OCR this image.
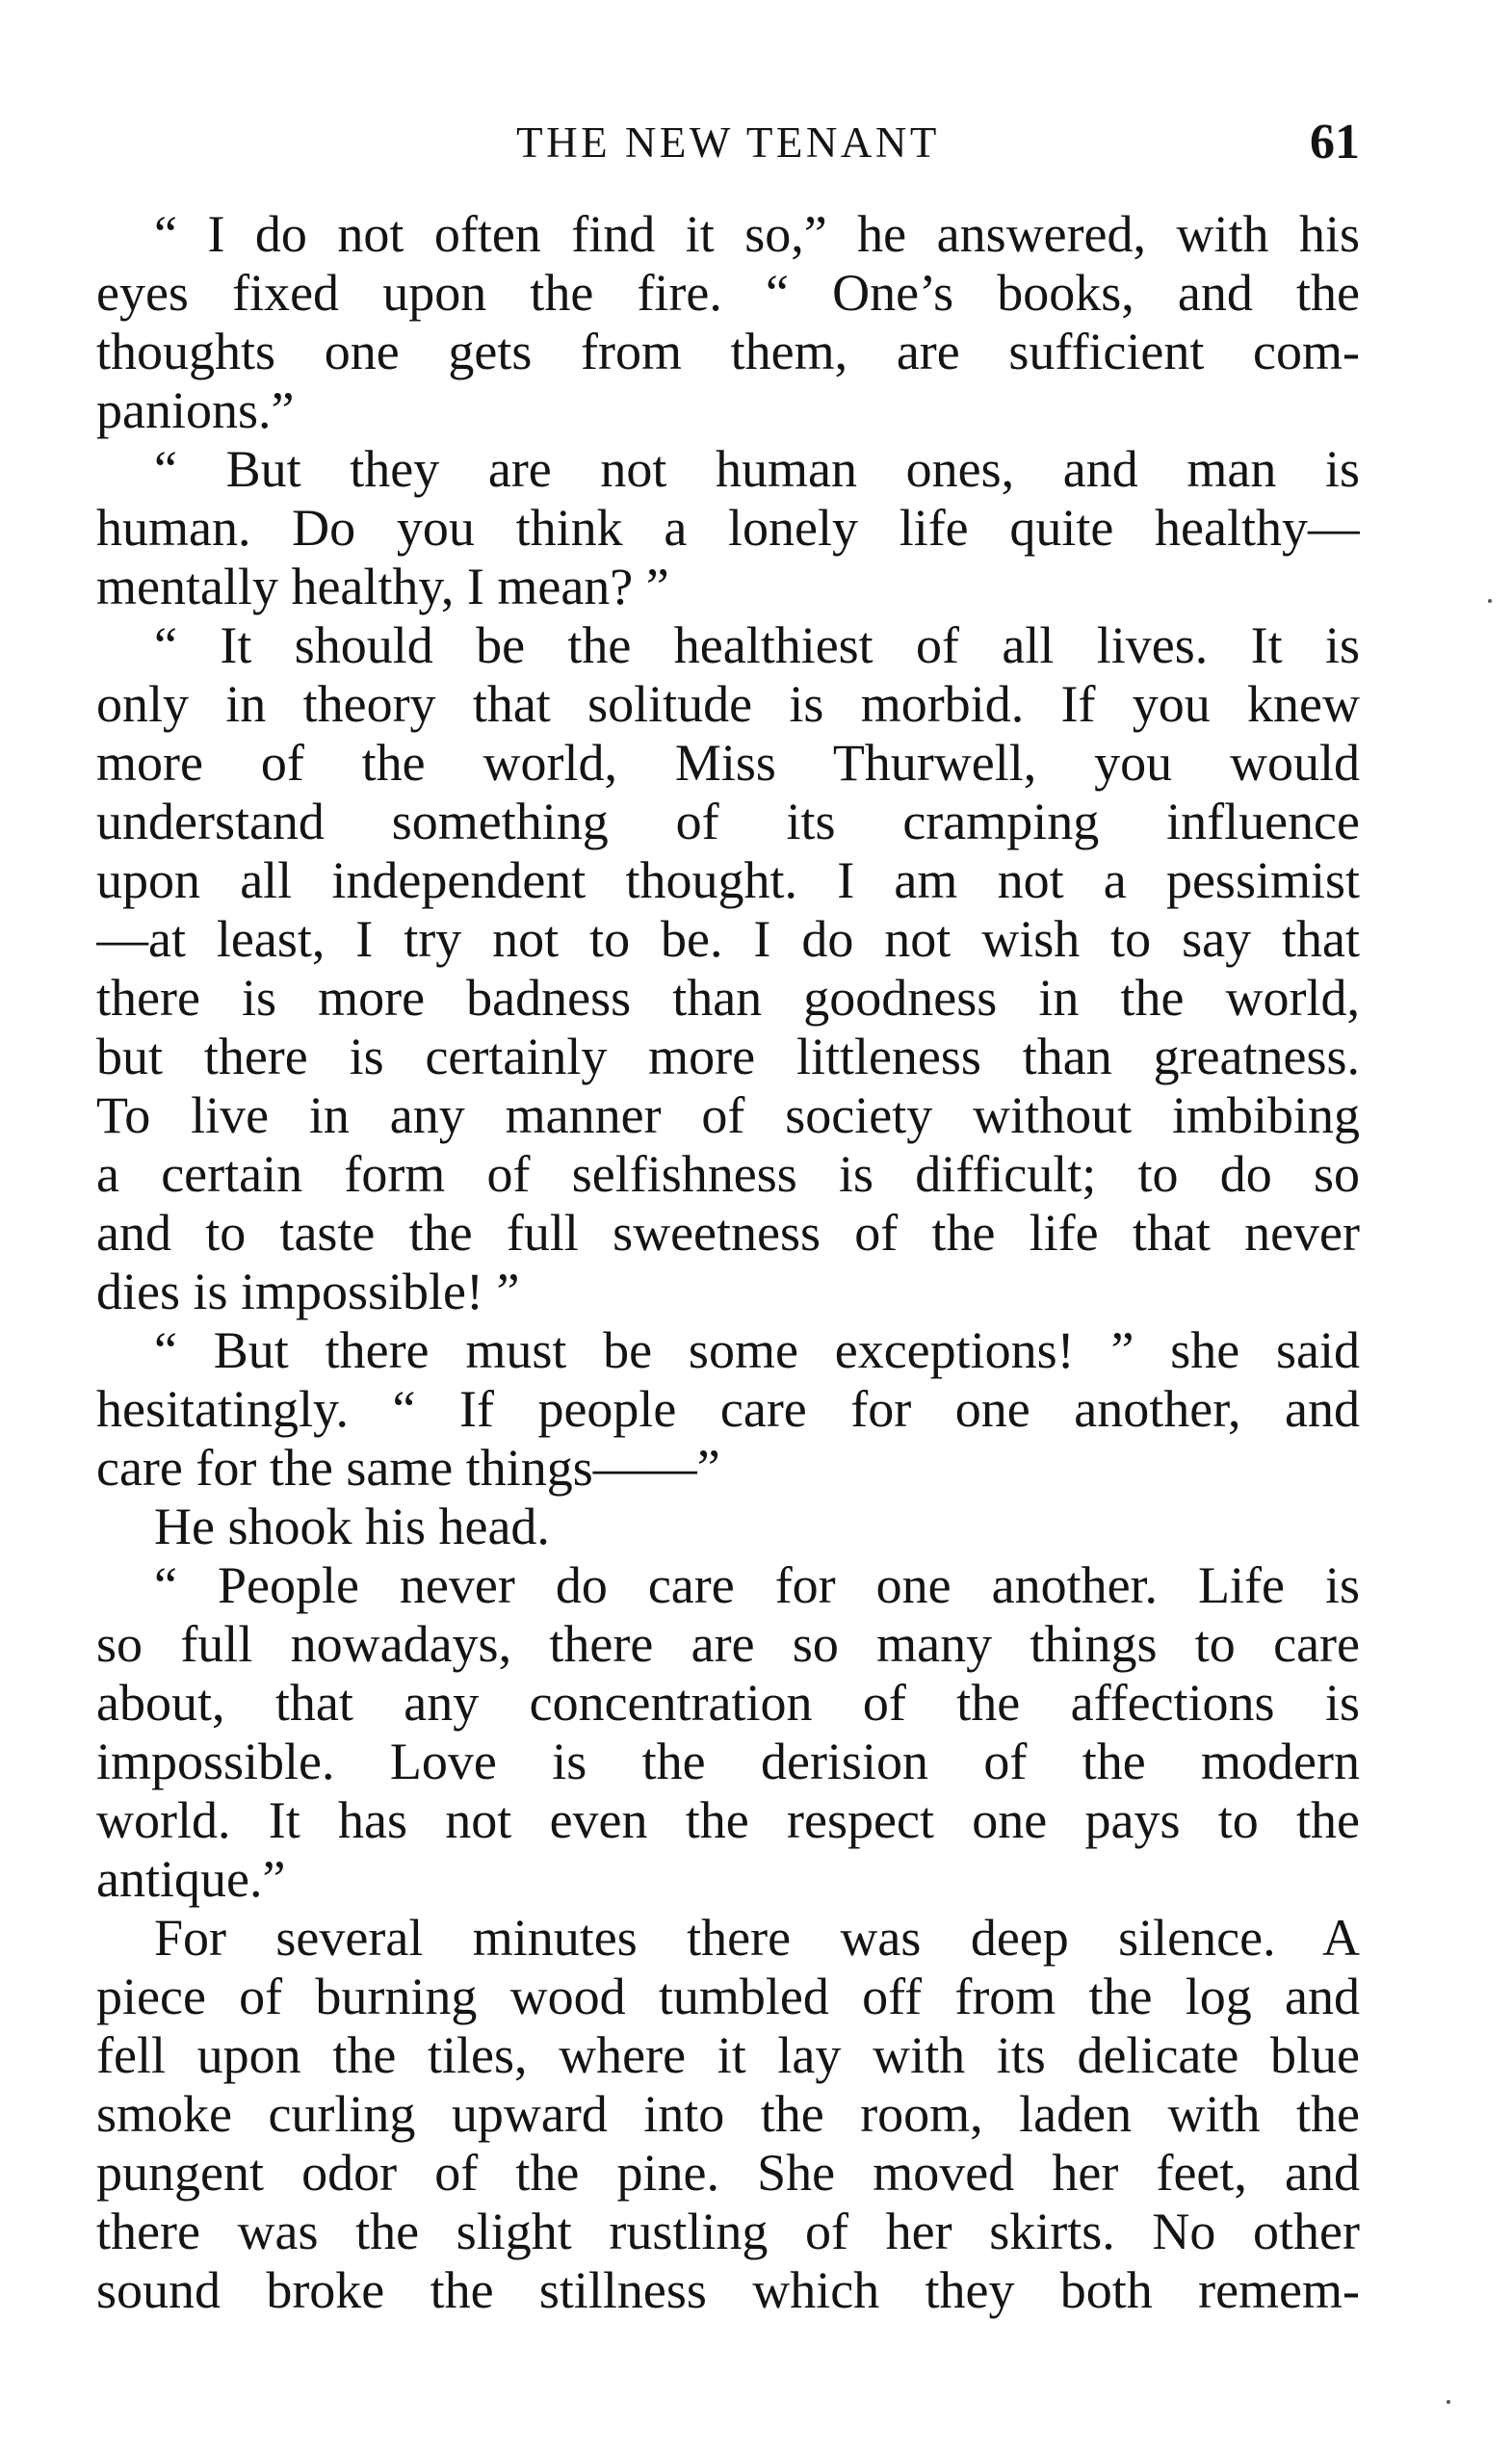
THE NEW TENANT	61
“ I do not often find it so,” he answered, with his
eyes fixed upon the fire. “ One’s books, and the
thoughts one gets from them, are sufficient com-
panions.”
“ But they are not human ones, and man is
human. Do you think a lonely life quite healthy—
mentally healthy, I mean? ”
“ It should be the healthiest of all lives. It is
only in theory that solitude is morbid. If you knew
more of the world, Miss Thurwell, you would
understand something of its cramping influence
upon all independent thought. I am not a pessimist
—at least, I try not to be. I do not wish to say that
there is more badness than goodness in the world,
but there is certainly more littleness than greatness.
To live in any manner of society without imbibing
a certain form of selfishness is difficult; to do so
and to taste the full sweetness of the life that never
dies is impossible! ”
“ But there must be some exceptions! ” she said
hesitatingly. “ If people care for one another, and
care for the same things——”
He shook his head.
“ People never do care for one another. Life is
so full nowadays, there are so many things to care
about, that any concentration of the affections is
impossible. Love is the derision of the modern
world. It has not even the respect one pays to the
antique.”
For several minutes there was deep silence. A
piece of burning wood tumbled off from the log and
fell upon the tiles, where it lay with its delicate blue
smoke curling upward into the room, laden with the
pungent odor of the pine. She moved her feet, and
there was the slight rustling of her skirts. No other
sound broke the stillness which they both remem-
